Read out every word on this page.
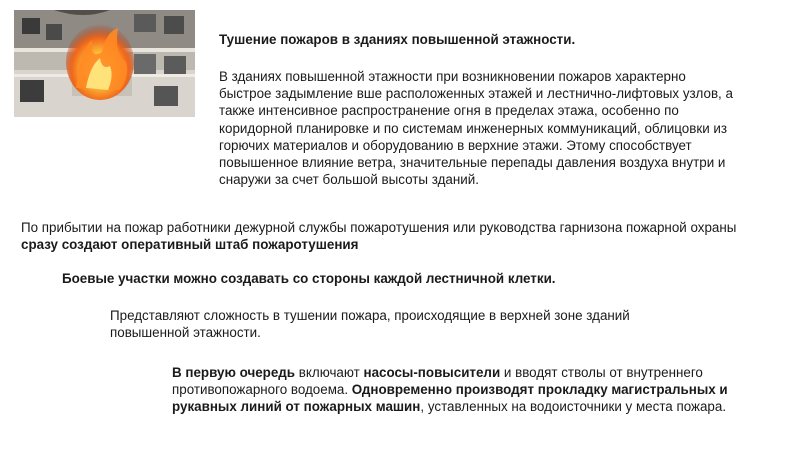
Тушение пожаров в зданиях повышенной этажности.
В зданиях повышенной этажности при возникновении пожаров характерно быстрое задымление вше расположенных этажей и лестнично-лифтовых узлов, а также интенсивное распространение огня в пределах этажа, особенно по коридорной планировке и по системам инженерных коммуникаций, облицовки из горючих материалов и оборудованию в верхние этажи. Этому способствует повышенное влияние ветра, значительные перепады давления воздуха внутри и снаружи за счет большой высоты зданий.
По прибытии на пожар работники дежурной службы пожаротушения или руководства гарнизона пожарной охраны сразу создают оперативный штаб пожаротушения
Боевые участки можно создавать со стороны каждой лестничной клетки.
Представляют сложность в тушении пожара, происходящие в верхней зоне зданий повышенной этажности.
В первую очередь включают насосы-повысители и вводят стволы от внутреннего противопожарного водоема. Одновременно производят прокладку магистральных и рукавных линий от пожарных машин, уставленных на водоисточники у места пожара.
